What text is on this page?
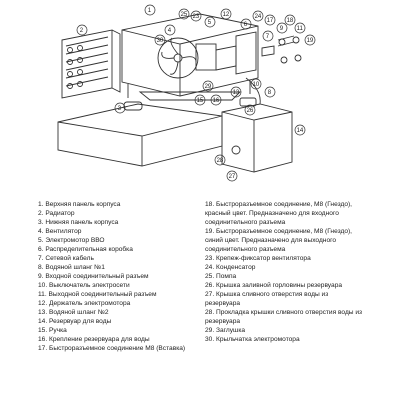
1
2
3
4
5	6
7
8
9
10
11
12
13
14
15 16
17 18
19
23	24
25
26
27
28
29
30
1. Верхняя панель корпуса
2. Радиатор
3. Нижняя панель корпуса
4. Вентилятор
5. Электромотор ВВО
6. Распределительная коробка
7. Сетевой кабель
8. Водяной шланг №1
9. Входной соединительный разъем
10. Выключатель электросети
11. Выходной соединительный разъем
12. Держатель электромотора
13. Водяной шланг №2
14. Резервуар для воды
15. Ручка
16. Крепление резервуара для воды
17. Быстроразъемное соединение M8 (Вставка)
18. Быстроразъемное соединение, M8 (Гнездо), красный цвет. Предназначено для входного соединительного разъема
19. Быстроразъемное соединение, M8 (Гнездо), синий цвет. Предназначено для выходного соединительного разъема
23. Крепеж-фиксатор вентилятора
24. Конденсатор
25. Помпа
26. Крышка заливной горловины резервуара
27. Крышка сливного отверстия воды из резервуара
28. Прокладка крышки сливного отверстия воды из резервуара
29. Заглушка
30. Крыльчатка электромотора
